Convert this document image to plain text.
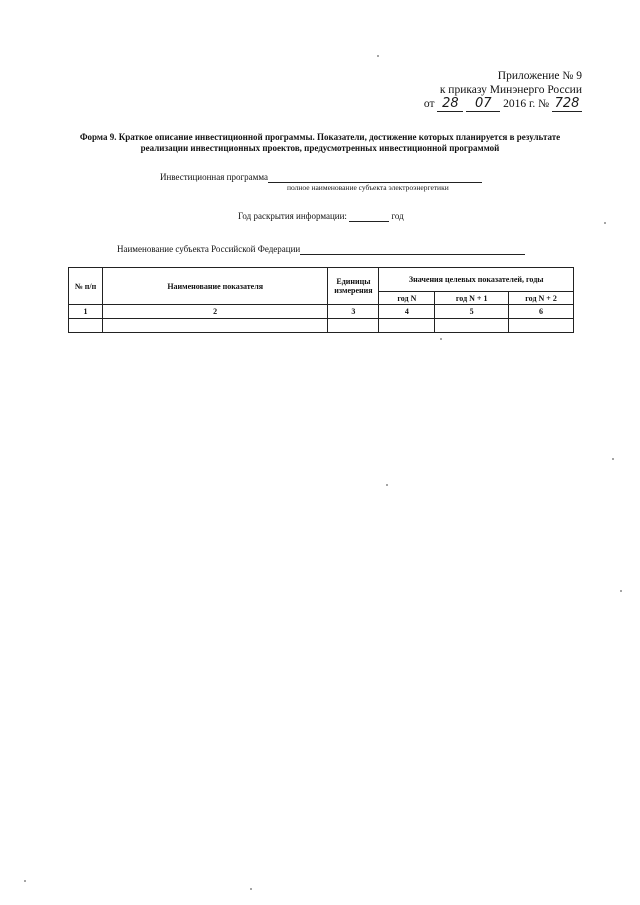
Приложение № 9
к приказу Минэнерго России
от 28 07 2016 г. № 728
Форма 9. Краткое описание инвестиционной программы. Показатели, достижение которых планируется в результате реализации инвестиционных проектов, предусмотренных инвестиционной программой
Инвестиционная программа
полное наименование субъекта электроэнергетики
Год раскрытия информации:	год
Наименование субъекта Российской Федерации
№ п/п	Наименование показателя	Единицы измерения	Значения целевых показателей, годы		
			год N	год N + 1	год N + 2
1	2	3	4	5	6
